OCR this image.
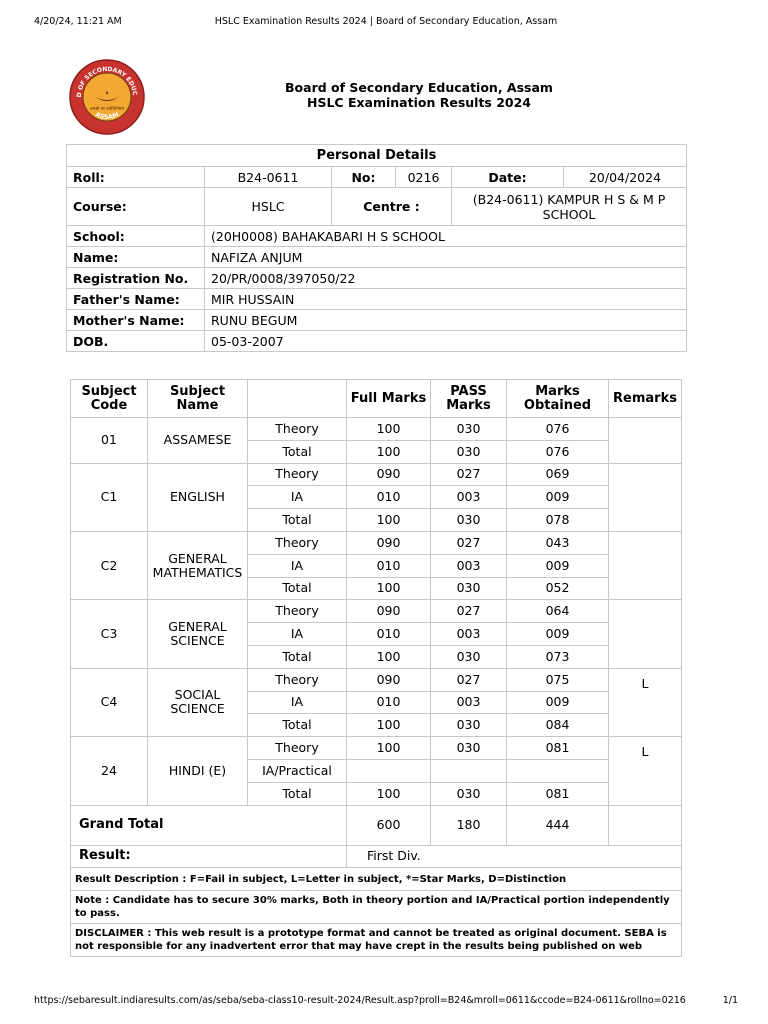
4/20/24, 11:21 AM	HSLC Examination Results 2024 | Board of Secondary Education, Assam
D OF SECONDARY EDUC
ASSAM
तमसो मा ज्योतिर्गमय
Board of Secondary Education, Assam
HSLC Examination Results 2024
Personal Details					
Roll:	B24-0611	No:	0216	Date:	20/04/2024
Course:	HSLC	Centre :		(B24-0611) KAMPUR H S & M P SCHOOL	
School:	(20H0008) BAHAKABARI H S SCHOOL				
Name:	NAFIZA ANJUM				
Registration No.	20/PR/0008/397050/22				
Father's Name:	MIR HUSSAIN				
Mother's Name:	RUNU BEGUM				
DOB.	05-03-2007				
Subject Code	Subject Name		Full Marks	PASS Marks	Marks Obtained	Remarks
01	ASSAMESE	Theory	100	030	076	
		Total	100	030	076	
C1	ENGLISH	Theory	090	027	069	
		IA	010	003	009	
		Total	100	030	078	
C2	GENERAL MATHEMATICS	Theory	090	027	043	
		IA	010	003	009	
		Total	100	030	052	
C3	GENERAL SCIENCE	Theory	090	027	064	
		IA	010	003	009	
		Total	100	030	073	
C4	SOCIAL SCIENCE	Theory	090	027	075	L
		IA	010	003	009	
		Total	100	030	084	
24	HINDI (E)	Theory	100	030	081	L
		IA/Practical				
		Total	100	030	081	
Grand Total			600	180	444	
Result:			First Div.			
Result Description : F=Fail in subject, L=Letter in subject, *=Star Marks, D=Distinction						
Note : Candidate has to secure 30% marks, Both in theory portion and IA/Practical portion independently to pass.						
DISCLAIMER : This web result is a prototype format and cannot be treated as original document. SEBA is not responsible for any inadvertent error that may have crept in the results being published on web						
https://sebaresult.indiaresults.com/as/seba/seba-class10-result-2024/Result.asp?proll=B24&mroll=0611&ccode=B24-0611&rollno=0216	1/1
